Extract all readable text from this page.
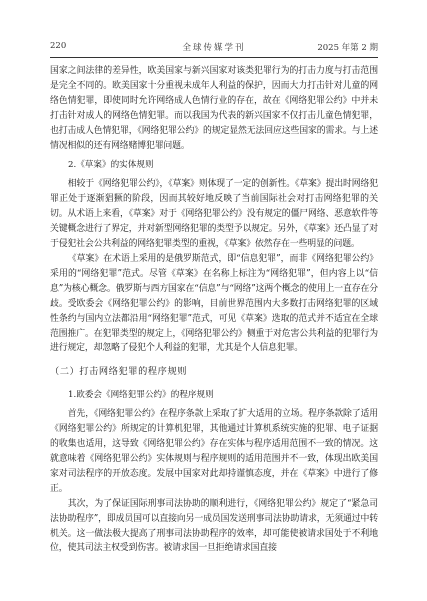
220	全球传媒学刊	2025 年第 2 期

国家之间法律的差异性，欧美国家与新兴国家对该类犯罪行为的打击力度与打击范围是完全不同的。欧美国家十分重视未成年人利益的保护，因而大力打击针对儿童的网络色情犯罪，即使同时允许网络成人色情行业的存在，故在《网络犯罪公约》中并未打击针对成人的网络色情犯罪。而以我国为代表的新兴国家不仅打击儿童色情犯罪，也打击成人色情犯罪，《网络犯罪公约》的规定显然无法回应这些国家的需求。与上述情况相似的还有网络赌博犯罪问题。

2.《草案》的实体规则

相较于《网络犯罪公约》，《草案》则体现了一定的创新性。《草案》提出时网络犯罪正处于逐渐猖獗的阶段，因而其较好地反映了当前国际社会对打击网络犯罪的关切。从术语上来看，《草案》对于《网络犯罪公约》没有规定的僵尸网络、恶意软件等关键概念进行了界定，并对新型网络犯罪的类型予以规定。另外，《草案》还凸显了对于侵犯社会公共利益的网络犯罪类型的重视，《草案》依然存在一些明显的问题。

《草案》在术语上采用的是俄罗斯范式，即“信息犯罪”，而非《网络犯罪公约》采用的“网络犯罪”范式。尽管《草案》在名称上标注为“网络犯罪”，但内容上以“信息”为核心概念。俄罗斯与西方国家在“信息”与“网络”这两个概念的使用上一直存在分歧。受欧委会《网络犯罪公约》的影响，目前世界范围内大多数打击网络犯罪的区域性条约与国内立法都沿用“网络犯罪”范式，可见《草案》选取的范式并不适宜在全球范围推广。在犯罪类型的规定上，《网络犯罪公约》侧重于对危害公共利益的犯罪行为进行规定，却忽略了侵犯个人利益的犯罪，尤其是个人信息犯罪。

（二）打击网络犯罪的程序规则
1.欧委会《网络犯罪公约》的程序规则

首先，《网络犯罪公约》在程序条款上采取了扩大适用的立场。程序条款除了适用《网络犯罪公约》所规定的计算机犯罪，其他通过计算机系统实施的犯罪、电子证据的收集也适用，这导致《网络犯罪公约》存在实体与程序适用范围不一致的情况。这就意味着《网络犯罪公约》实体规则与程序规则的适用范围并不一致，体现出欧美国家对司法程序的开放态度。发展中国家对此却持谨慎态度，并在《草案》中进行了修正。

其次，为了保证国际刑事司法协助的顺利进行，《网络犯罪公约》规定了“紧急司法协助程序”，即成员国可以直接向另一成员国发送刑事司法协助请求，无须通过中转机关。这一做法极大提高了刑事司法协助程序的效率，却可能使被请求国处于不利地位，使其司法主权受到伤害。被请求国一旦拒绝请求国直接
